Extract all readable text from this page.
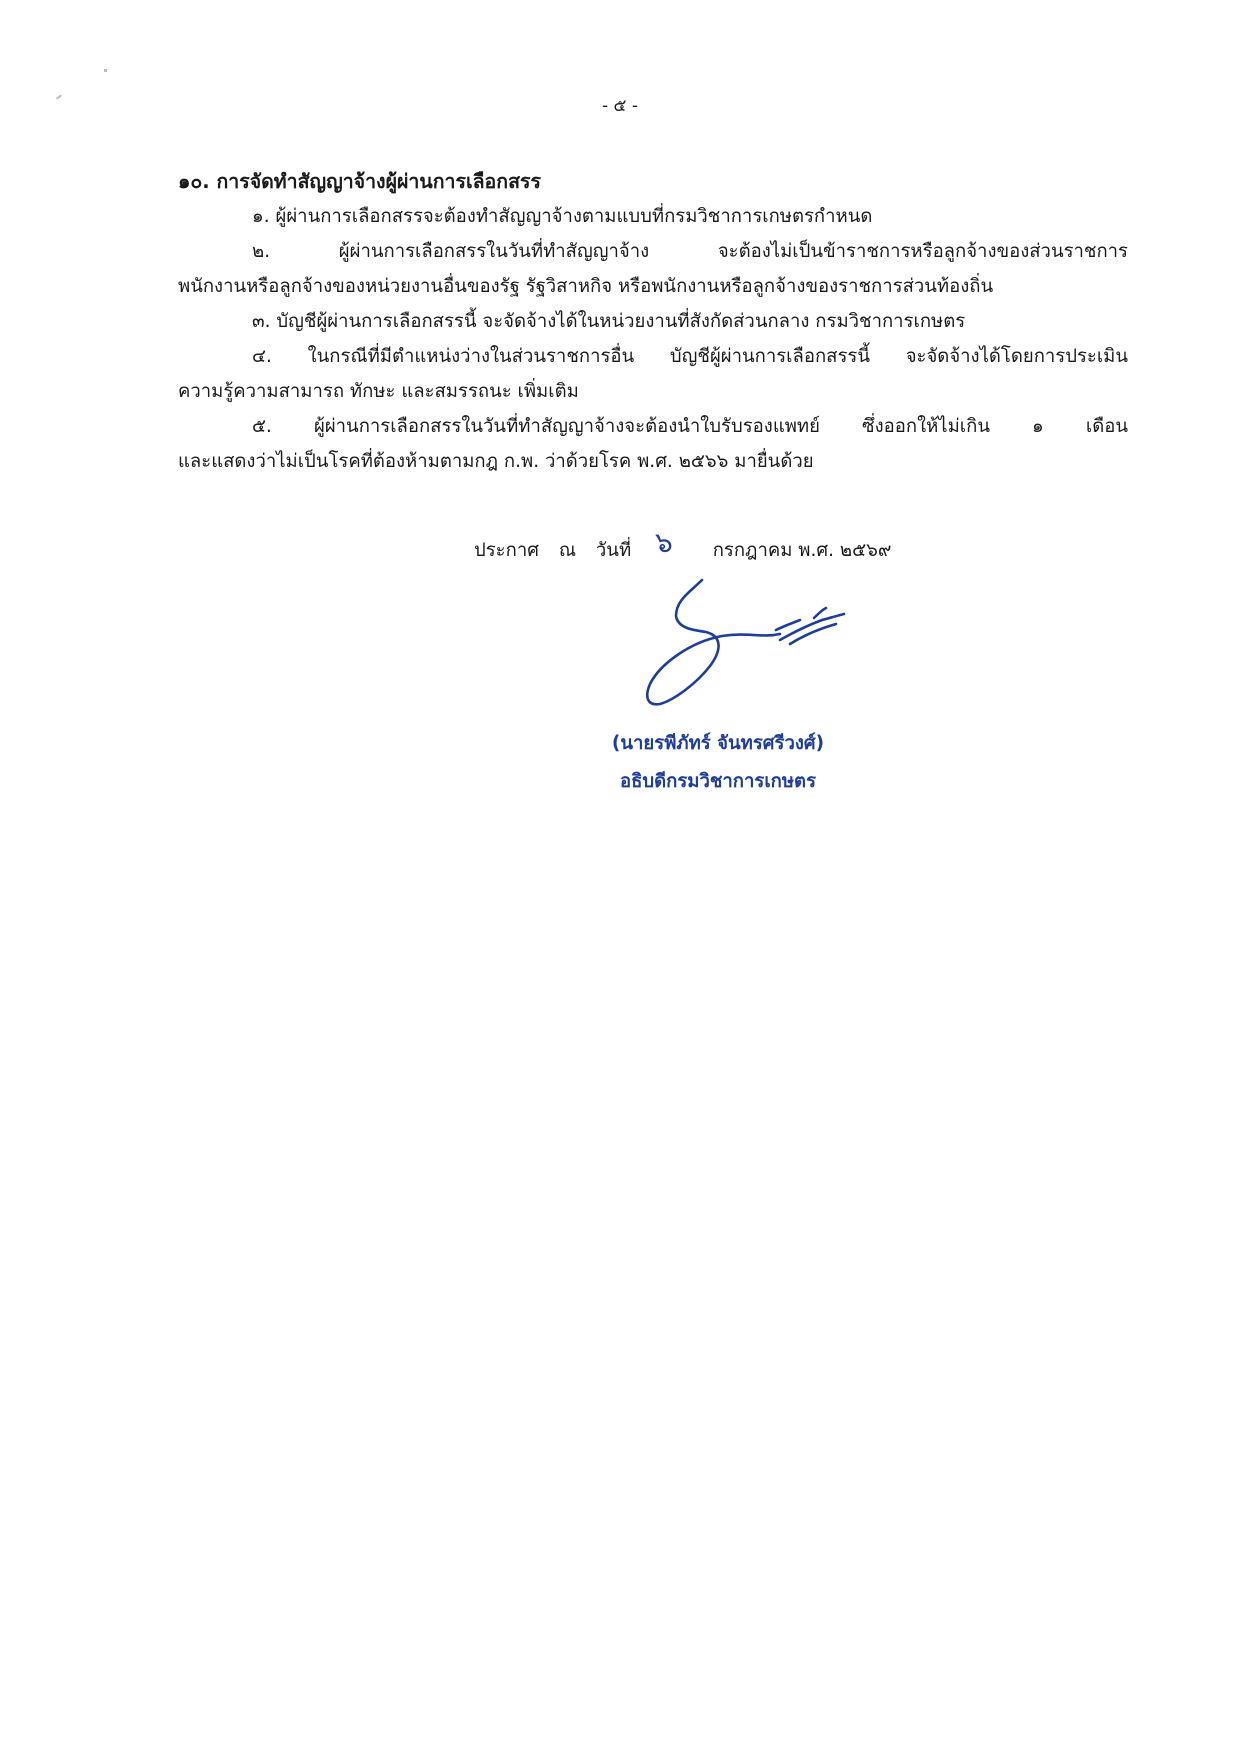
- ๕ -
๑๐. การจัดทำสัญญาจ้างผู้ผ่านการเลือกสรร
๑. ผู้ผ่านการเลือกสรรจะต้องทำสัญญาจ้างตามแบบที่กรมวิชาการเกษตรกำหนด
๒. ผู้ผ่านการเลือกสรรในวันที่ทำสัญญาจ้าง จะต้องไม่เป็นข้าราชการหรือลูกจ้างของส่วนราชการ
พนักงานหรือลูกจ้างของหน่วยงานอื่นของรัฐ รัฐวิสาหกิจ หรือพนักงานหรือลูกจ้างของราชการส่วนท้องถิ่น
๓. บัญชีผู้ผ่านการเลือกสรรนี้ จะจัดจ้างได้ในหน่วยงานที่สังกัดส่วนกลาง กรมวิชาการเกษตร
๔. ในกรณีที่มีตำแหน่งว่างในส่วนราชการอื่น บัญชีผู้ผ่านการเลือกสรรนี้ จะจัดจ้างได้โดยการประเมิน
ความรู้ความสามารถ ทักษะ และสมรรถนะ เพิ่มเติม
๕. ผู้ผ่านการเลือกสรรในวันที่ทำสัญญาจ้างจะต้องนำใบรับรองแพทย์ ซึ่งออกให้ไม่เกิน ๑ เดือน
และแสดงว่าไม่เป็นโรคที่ต้องห้ามตามกฎ ก.พ. ว่าด้วยโรค พ.ศ. ๒๕๖๖ มายื่นด้วย
ประกาศ ณ วันที่ ๖ กรกฎาคม พ.ศ. ๒๕๖๙
(นายรพีภัทร์ จันทรศรีวงศ์)
อธิบดีกรมวิชาการเกษตร
